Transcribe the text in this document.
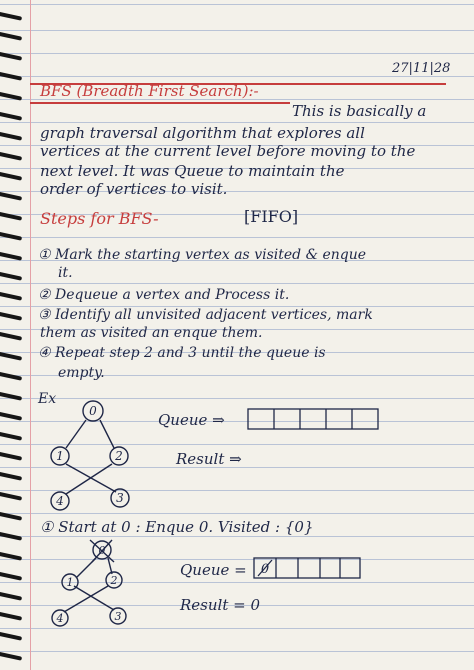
27|11|28
BFS (Breadth First Search):-
This is basically a
graph traversal algorithm that explores all
vertices at the current level before moving to the
next level. It was Queue to maintain the
order of vertices to visit.
Steps for BFS-	[FIFO]
① Mark the starting vertex as visited & enque
it.
② Dequeue a vertex and Process it.
③ Identify all unvisited adjacent vertices, mark
them as visited an enque them.
④ Repeat step 2 and 3 until the queue is
empty.
Ex
0
1	2
4	3
Queue ⇒
Result ⇒
0
1	2
4	3
① Start at 0 : Enque 0. Visited : {0}
Queue = 0
Result = 0
